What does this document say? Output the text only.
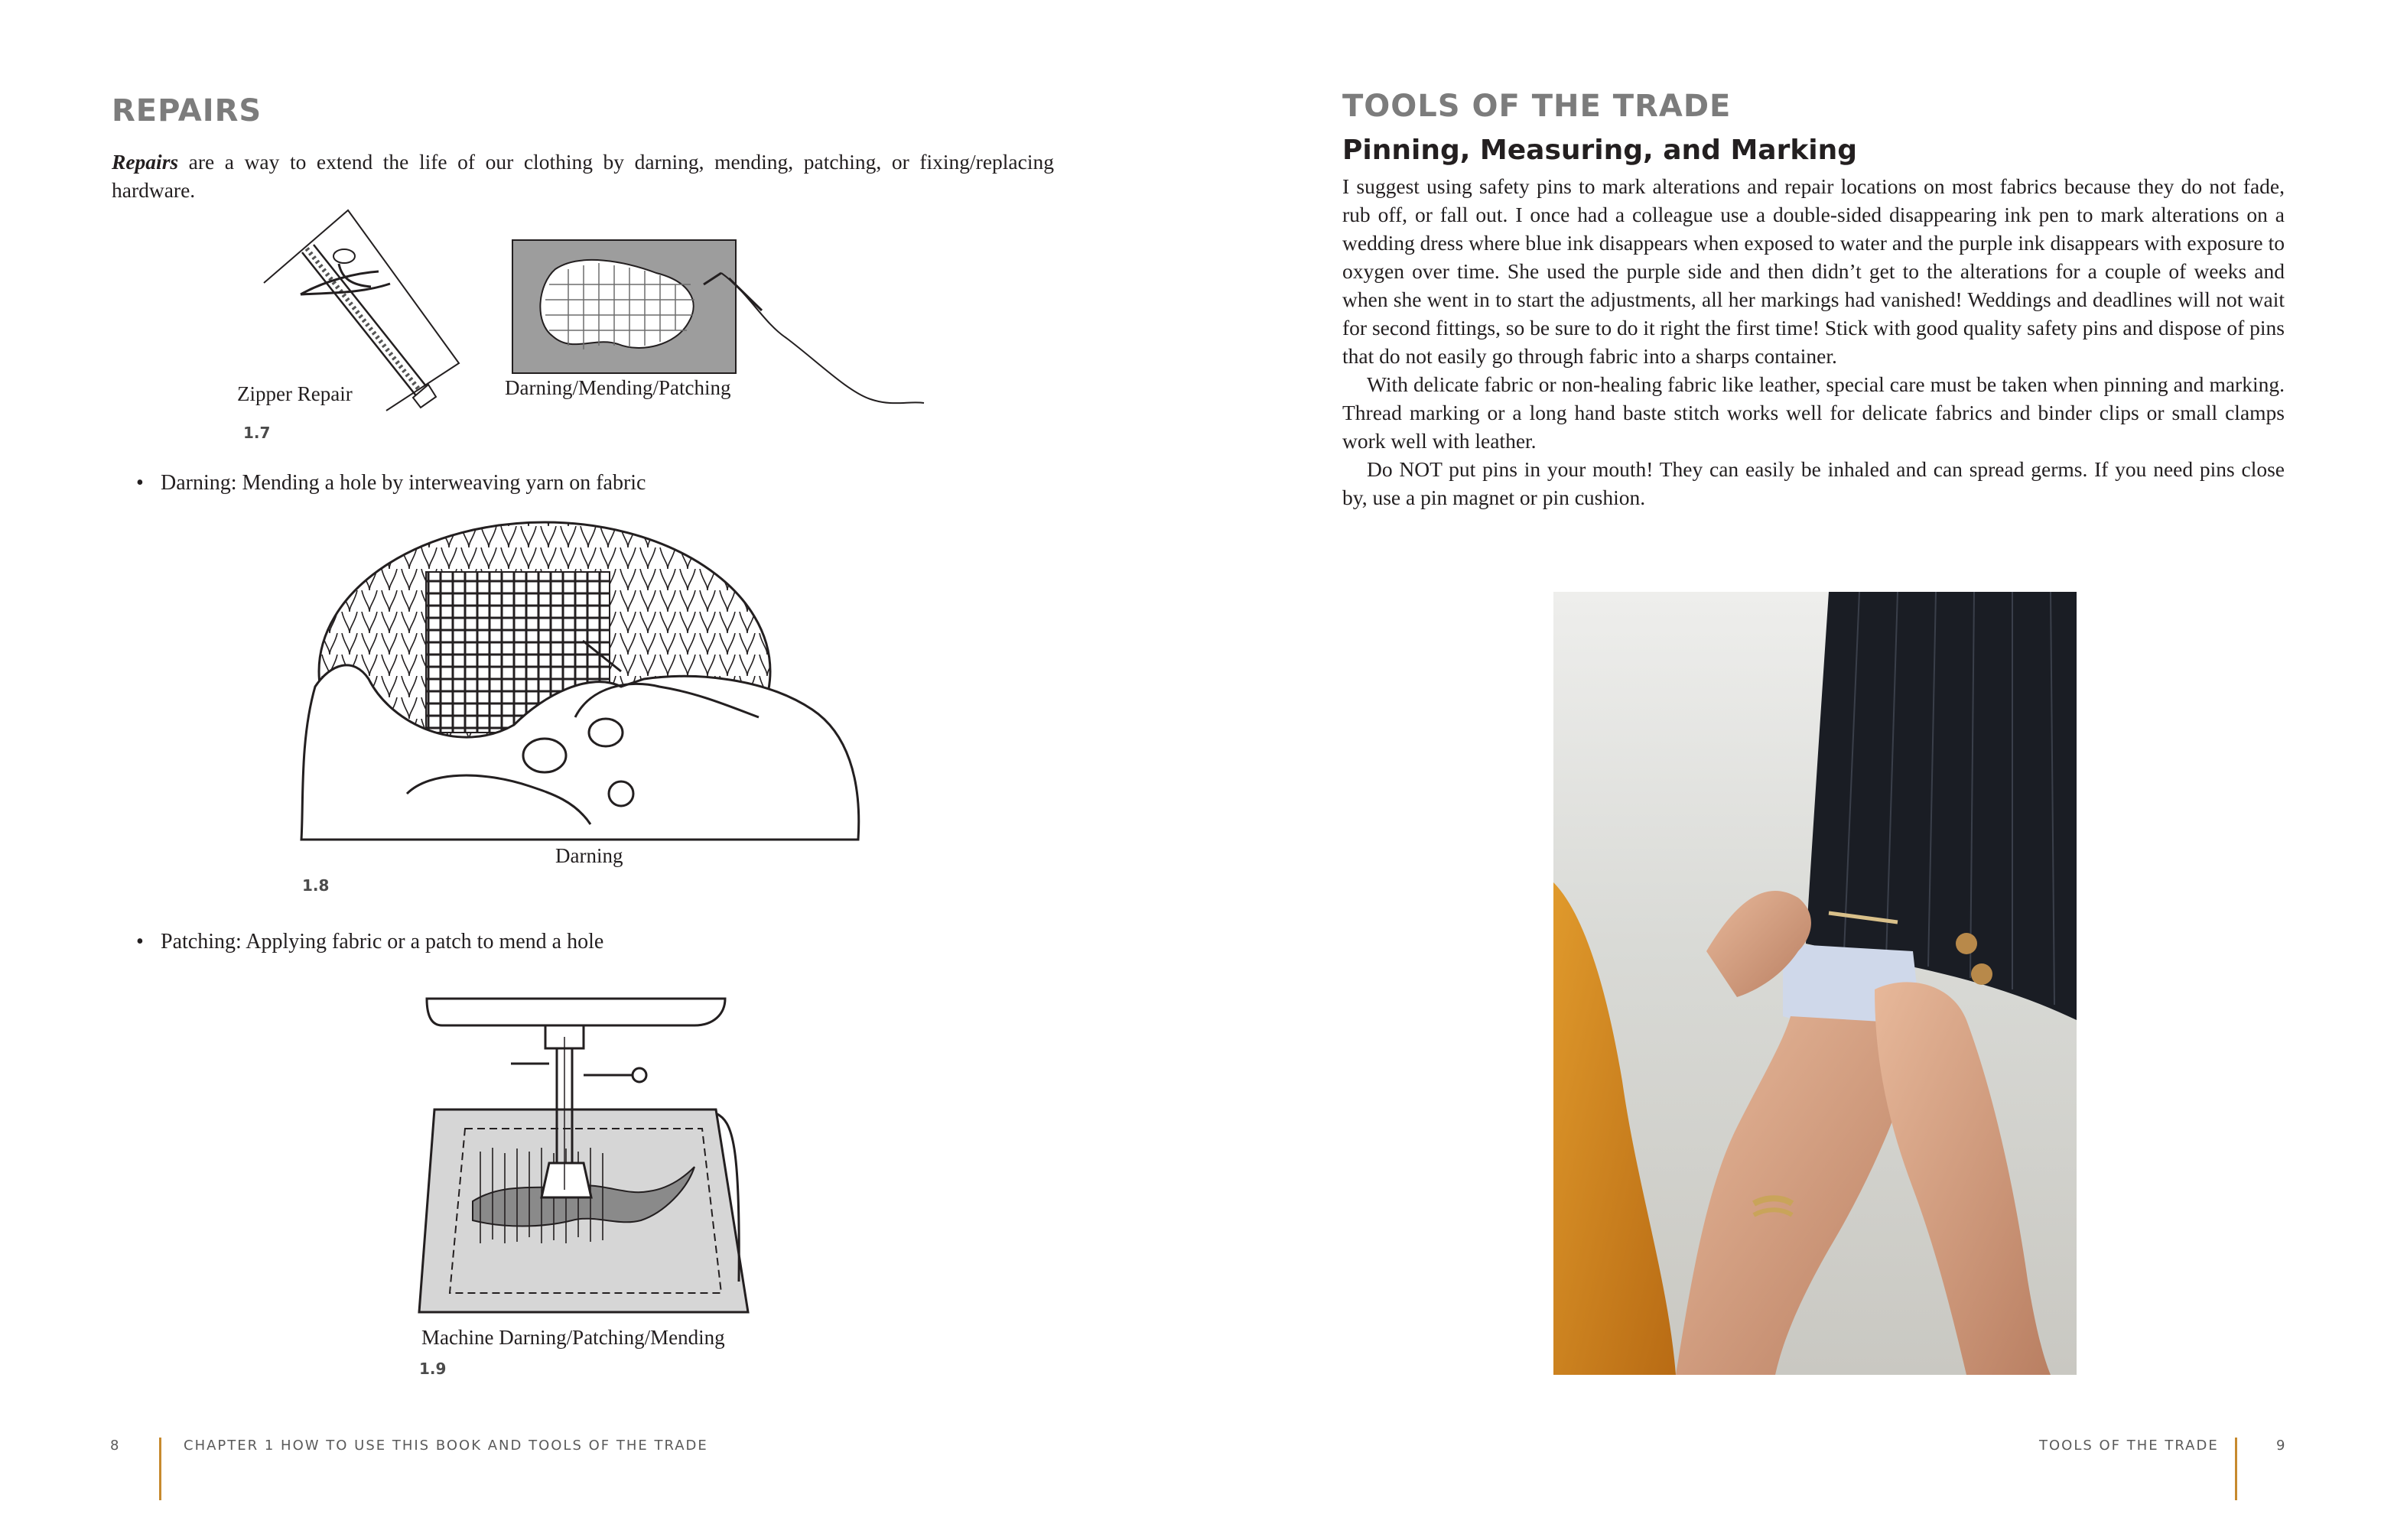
REPAIRS

Repairs are a way to extend the life of our clothing by darning, mending, patching, or fixing/replacing hardware.

Zipper Repair	Darning/Mending/Patching
1.7
• Darning: Mending a hole by interweaving yarn on fabric
Darning
1.8
• Patching: Applying fabric or a patch to mend a hole
Machine Darning/Patching/Mending
1.9
8	CHAPTER 1 HOW TO USE THIS BOOK AND TOOLS OF THE TRADE
TOOLS OF THE TRADE
Pinning, Measuring, and Marking

I suggest using safety pins to mark alterations and repair locations on most fabrics because they do not fade, rub off, or fall out. I once had a colleague use a double-sided disappearing ink pen to mark alterations on a wedding dress where blue ink disappears when exposed to water and the purple ink disappears with exposure to oxygen over time. She used the purple side and then didn’t get to the alterations for a couple of weeks and when she went in to start the adjustments, all her markings had vanished! Weddings and deadlines will not wait for second fittings, so be sure to do it right the first time! Stick with good quality safety pins and dispose of pins that do not easily go through fabric into a sharps container.

With delicate fabric or non-healing fabric like leather, special care must be taken when pinning and marking. Thread marking or a long hand baste stitch works well for delicate fabrics and binder clips or small clamps work well with leather.

Do NOT put pins in your mouth! They can easily be inhaled and can spread germs. If you need pins close by, use a pin magnet or pin cushion.

TOOLS OF THE TRADE	9
